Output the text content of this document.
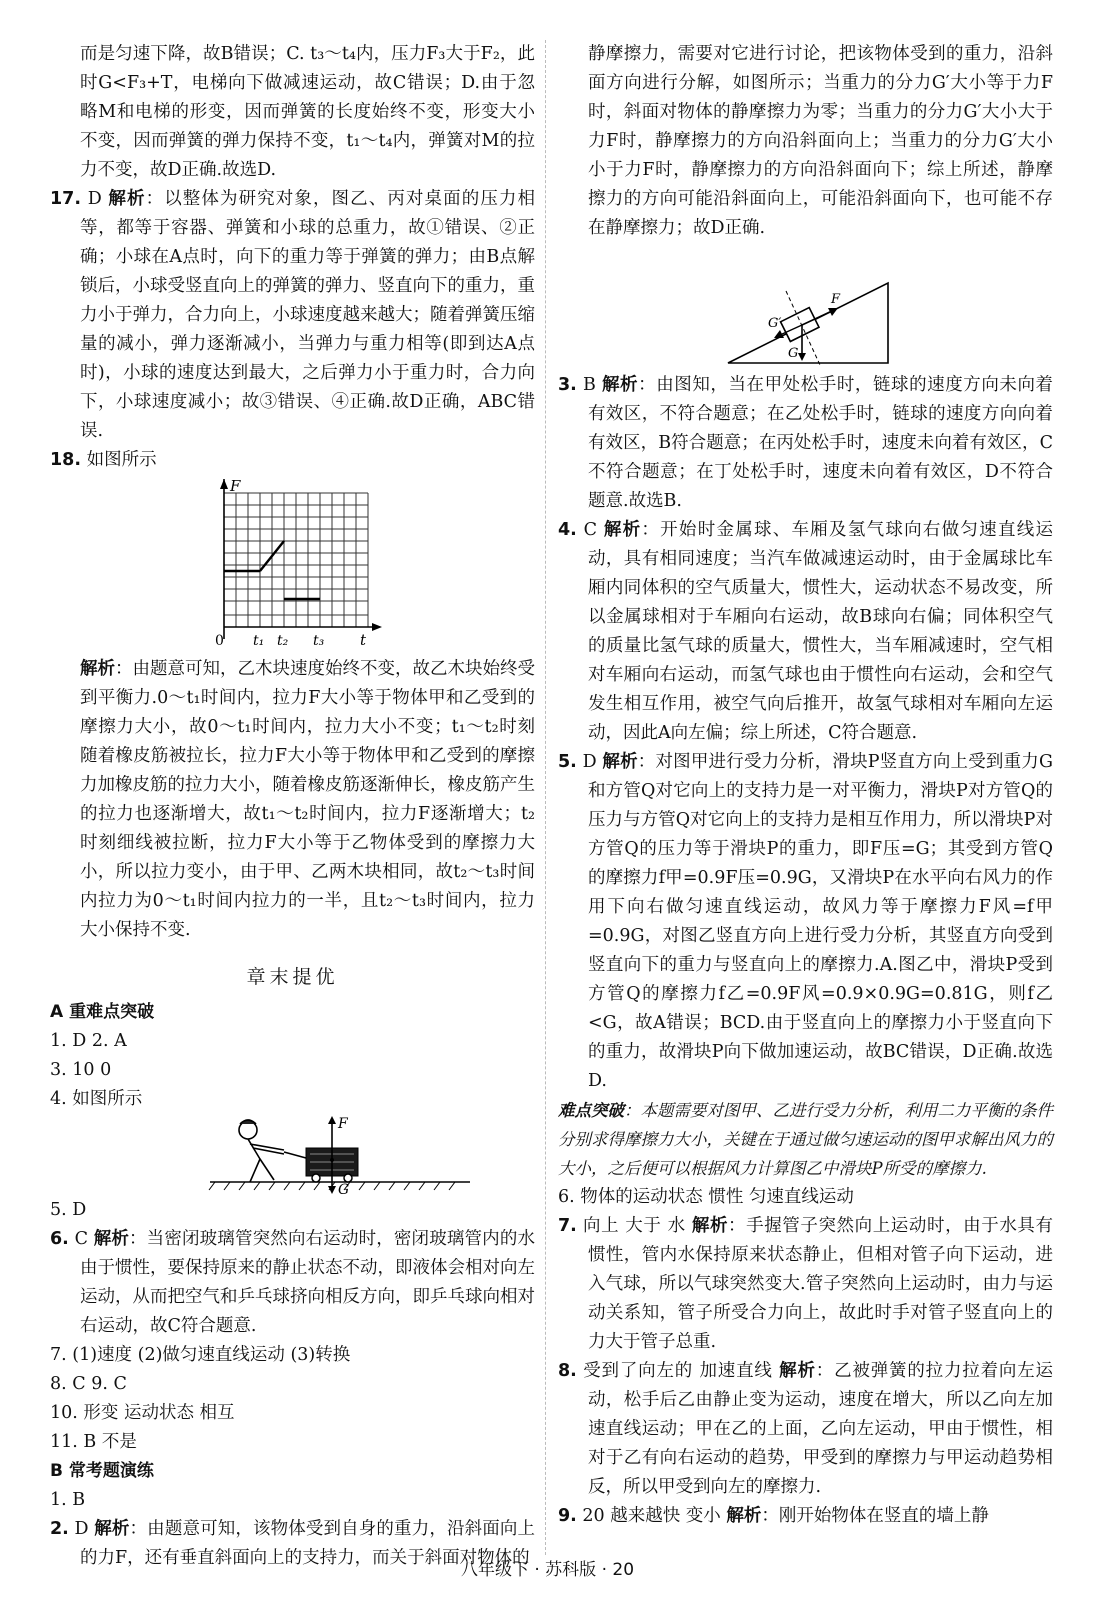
而是匀速下降，故B错误；C. t₃～t₄内，压力F₃大于F₂，此时G<F₃+T，电梯向下做减速运动，故C错误；D.由于忽略M和电梯的形变，因而弹簧的长度始终不变，形变大小不变，因而弹簧的弹力保持不变，t₁～t₄内，弹簧对M的拉力不变，故D正确.故选D.

17. D 解析：以整体为研究对象，图乙、丙对桌面的压力相等，都等于容器、弹簧和小球的总重力，故①错误、②正确；小球在A点时，向下的重力等于弹簧的弹力；由B点解锁后，小球受竖直向上的弹簧的弹力、竖直向下的重力，重力小于弹力，合力向上，小球速度越来越大；随着弹簧压缩量的减小，弹力逐渐减小，当弹力与重力相等(即到达A点时)，小球的速度达到最大，之后弹力小于重力时，合力向下，小球速度减小；故③错误、④正确.故D正确，ABC错误.

18. 如图所示

F
t
0 t₁ t₂ t₃

解析：由题意可知，乙木块速度始终不变，故乙木块始终受到平衡力.0～t₁时间内，拉力F大小等于物体甲和乙受到的摩擦力大小，故0～t₁时间内，拉力大小不变；t₁～t₂时刻随着橡皮筋被拉长，拉力F大小等于物体甲和乙受到的摩擦力加橡皮筋的拉力大小，随着橡皮筋逐渐伸长，橡皮筋产生的拉力也逐渐增大，故t₁～t₂时间内，拉力F逐渐增大；t₂时刻细线被拉断，拉力F大小等于乙物体受到的摩擦力大小，所以拉力变小，由于甲、乙两木块相同，故t₂～t₃时间内拉力为0～t₁时间内拉力的一半，且t₂～t₃时间内，拉力大小保持不变.

章末提优

A 重难点突破

1. D 2. A

3. 10 0

4. 如图所示

F
G

5. D

6. C 解析：当密闭玻璃管突然向右运动时，密闭玻璃管内的水由于惯性，要保持原来的静止状态不动，即液体会相对向左运动，从而把空气和乒乓球挤向相反方向，即乒乓球向相对右运动，故C符合题意.

7. (1)速度 (2)做匀速直线运动 (3)转换

8. C 9. C

10. 形变 运动状态 相互

11. B 不是

B 常考题演练

1. B

2. D 解析：由题意可知，该物体受到自身的重力，沿斜面向上的力F，还有垂直斜面向上的支持力，而关于斜面对物体的

静摩擦力，需要对它进行讨论，把该物体受到的重力，沿斜面方向进行分解，如图所示；当重力的分力G′大小等于力F时，斜面对物体的静摩擦力为零；当重力的分力G′大小大于力F时，静摩擦力的方向沿斜面向上；当重力的分力G′大小小于力F时，静摩擦力的方向沿斜面向下；综上所述，静摩擦力的方向可能沿斜面向上，可能沿斜面向下，也可能不存在静摩擦力；故D正确.

F
G′
G

3. B 解析：由图知，当在甲处松手时，链球的速度方向未向着有效区，不符合题意；在乙处松手时，链球的速度方向向着有效区，B符合题意；在丙处松手时，速度未向着有效区，C不符合题意；在丁处松手时，速度未向着有效区，D不符合题意.故选B.

4. C 解析：开始时金属球、车厢及氢气球向右做匀速直线运动，具有相同速度；当汽车做减速运动时，由于金属球比车厢内同体积的空气质量大，惯性大，运动状态不易改变，所以金属球相对于车厢向右运动，故B球向右偏；同体积空气的质量比氢气球的质量大，惯性大，当车厢减速时，空气相对车厢向右运动，而氢气球也由于惯性向右运动，会和空气发生相互作用，被空气向后推开，故氢气球相对车厢向左运动，因此A向左偏；综上所述，C符合题意.

5. D 解析：对图甲进行受力分析，滑块P竖直方向上受到重力G和方管Q对它向上的支持力是一对平衡力，滑块P对方管Q的压力与方管Q对它向上的支持力是相互作用力，所以滑块P对方管Q的压力等于滑块P的重力，即F压=G；其受到方管Q的摩擦力f甲=0.9F压=0.9G，又滑块P在水平向右风力的作用下向右做匀速直线运动，故风力等于摩擦力F风=f甲=0.9G，对图乙竖直方向上进行受力分析，其竖直方向受到竖直向下的重力与竖直向上的摩擦力.A.图乙中，滑块P受到方管Q的摩擦力f乙=0.9F风=0.9×0.9G=0.81G，则f乙<G，故A错误；BCD.由于竖直向上的摩擦力小于竖直向下的重力，故滑块P向下做加速运动，故BC错误，D正确.故选D.

难点突破：本题需要对图甲、乙进行受力分析，利用二力平衡的条件分别求得摩擦力大小，关键在于通过做匀速运动的图甲求解出风力的大小，之后便可以根据风力计算图乙中滑块P所受的摩擦力.

6. 物体的运动状态 惯性 匀速直线运动

7. 向上 大于 水 解析：手握管子突然向上运动时，由于水具有惯性，管内水保持原来状态静止，但相对管子向下运动，进入气球，所以气球突然变大.管子突然向上运动时，由力与运动关系知，管子所受合力向上，故此时手对管子竖直向上的力大于管子总重.

8. 受到了向左的 加速直线 解析：乙被弹簧的拉力拉着向左运动，松手后乙由静止变为运动，速度在增大，所以乙向左加速直线运动；甲在乙的上面，乙向左运动，甲由于惯性，相对于乙有向右运动的趋势，甲受到的摩擦力与甲运动趋势相反，所以甲受到向左的摩擦力.

9. 20 越来越快 变小 解析：刚开始物体在竖直的墙上静

八年级下 · 苏科版 · 20
